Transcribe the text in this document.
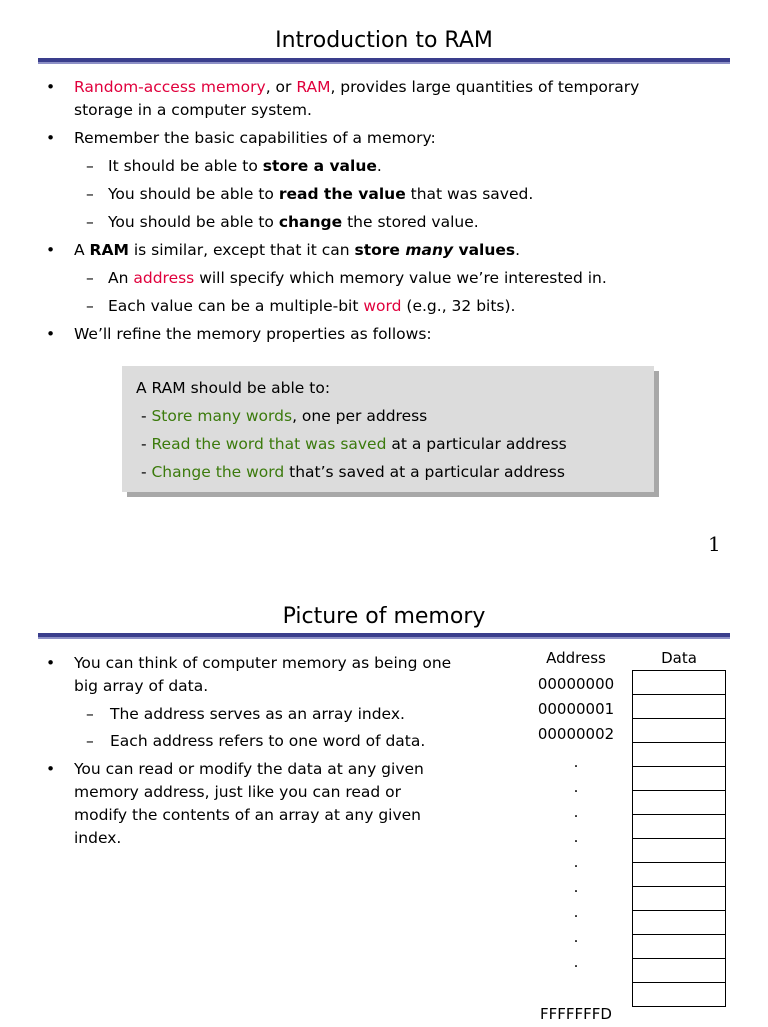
Introduction to RAM
• Random-access memory, or RAM, provides large quantities of temporary
storage in a computer system.
• Remember the basic capabilities of a memory:
– It should be able to store a value.
– You should be able to read the value that was saved.
– You should be able to change the stored value.
• A RAM is similar, except that it can store many values.
– An address will specify which memory value we’re interested in.
– Each value can be a multiple-bit word (e.g., 32 bits).
• We’ll refine the memory properties as follows:
A RAM should be able to:
- Store many words, one per address
- Read the word that was saved at a particular address
- Change the word that’s saved at a particular address
1
Picture of memory
• You can think of computer memory as being one
big array of data.
– The address serves as an array index.
– Each address refers to one word of data.
• You can read or modify the data at any given
memory address, just like you can read or
modify the contents of an array at any given
index.
Address	Data
00000000
00000001
00000002
.
.
.
.
.
.
.
.
.
FFFFFFFD
